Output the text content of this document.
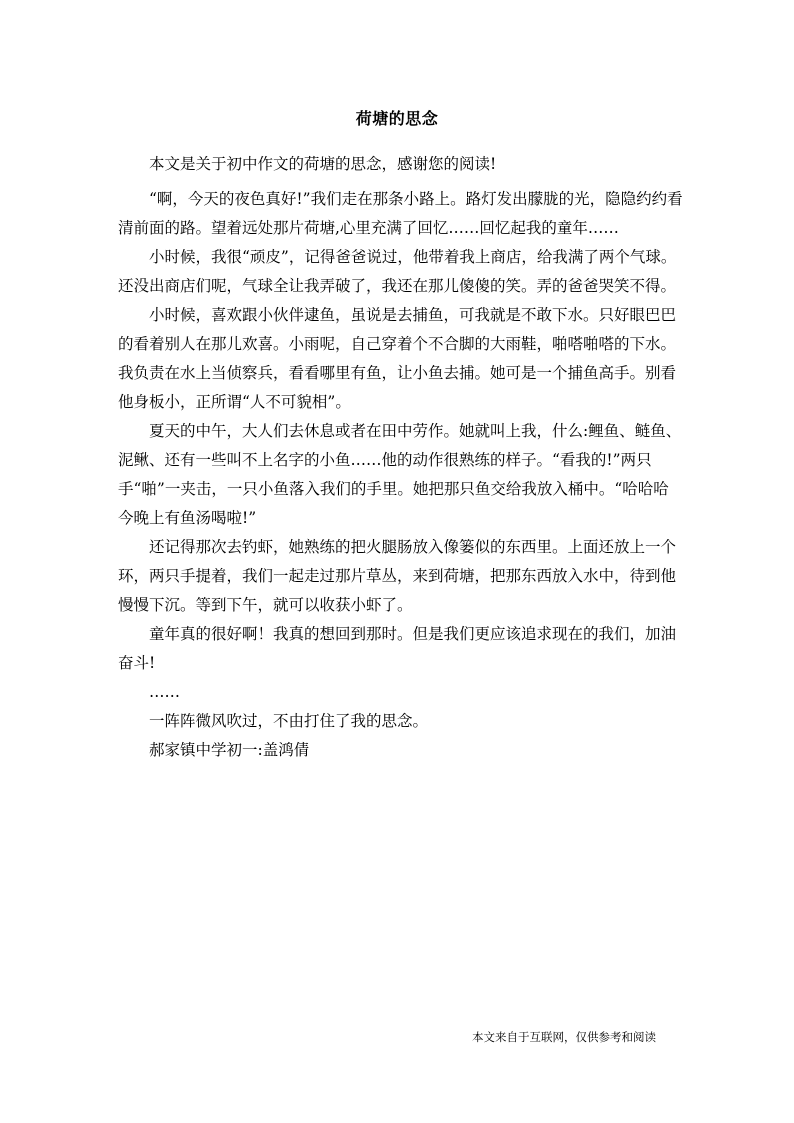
荷塘的思念

本文是关于初中作文的荷塘的思念，感谢您的阅读!

“啊，今天的夜色真好!”我们走在那条小路上。路灯发出朦胧的光，隐隐约约看清前面的路。望着远处那片荷塘,心里充满了回忆……回忆起我的童年……

小时候，我很“顽皮”，记得爸爸说过，他带着我上商店，给我满了两个气球。还没出商店们呢，气球全让我弄破了，我还在那儿傻傻的笑。弄的爸爸哭笑不得。

小时候，喜欢跟小伙伴逮鱼，虽说是去捕鱼，可我就是不敢下水。只好眼巴巴的看着别人在那儿欢喜。小雨呢，自己穿着个不合脚的大雨鞋，啪嗒啪嗒的下水。我负责在水上当侦察兵，看看哪里有鱼，让小鱼去捕。她可是一个捕鱼高手。别看他身板小，正所谓“人不可貌相”。

夏天的中午，大人们去休息或者在田中劳作。她就叫上我，什么:鲤鱼、鲢鱼、泥鳅、还有一些叫不上名字的小鱼……他的动作很熟练的样子。“看我的!”两只手“啪”一夹击，一只小鱼落入我们的手里。她把那只鱼交给我放入桶中。“哈哈哈今晚上有鱼汤喝啦!”

还记得那次去钓虾，她熟练的把火腿肠放入像篓似的东西里。上面还放上一个环，两只手提着，我们一起走过那片草丛，来到荷塘，把那东西放入水中，待到他慢慢下沉。等到下午，就可以收获小虾了。

童年真的很好啊！我真的想回到那时。但是我们更应该追求现在的我们，加油奋斗!

……

一阵阵微风吹过，不由打住了我的思念。

郝家镇中学初一:盖鸿倩

本文来自于互联网，仅供参考和阅读
